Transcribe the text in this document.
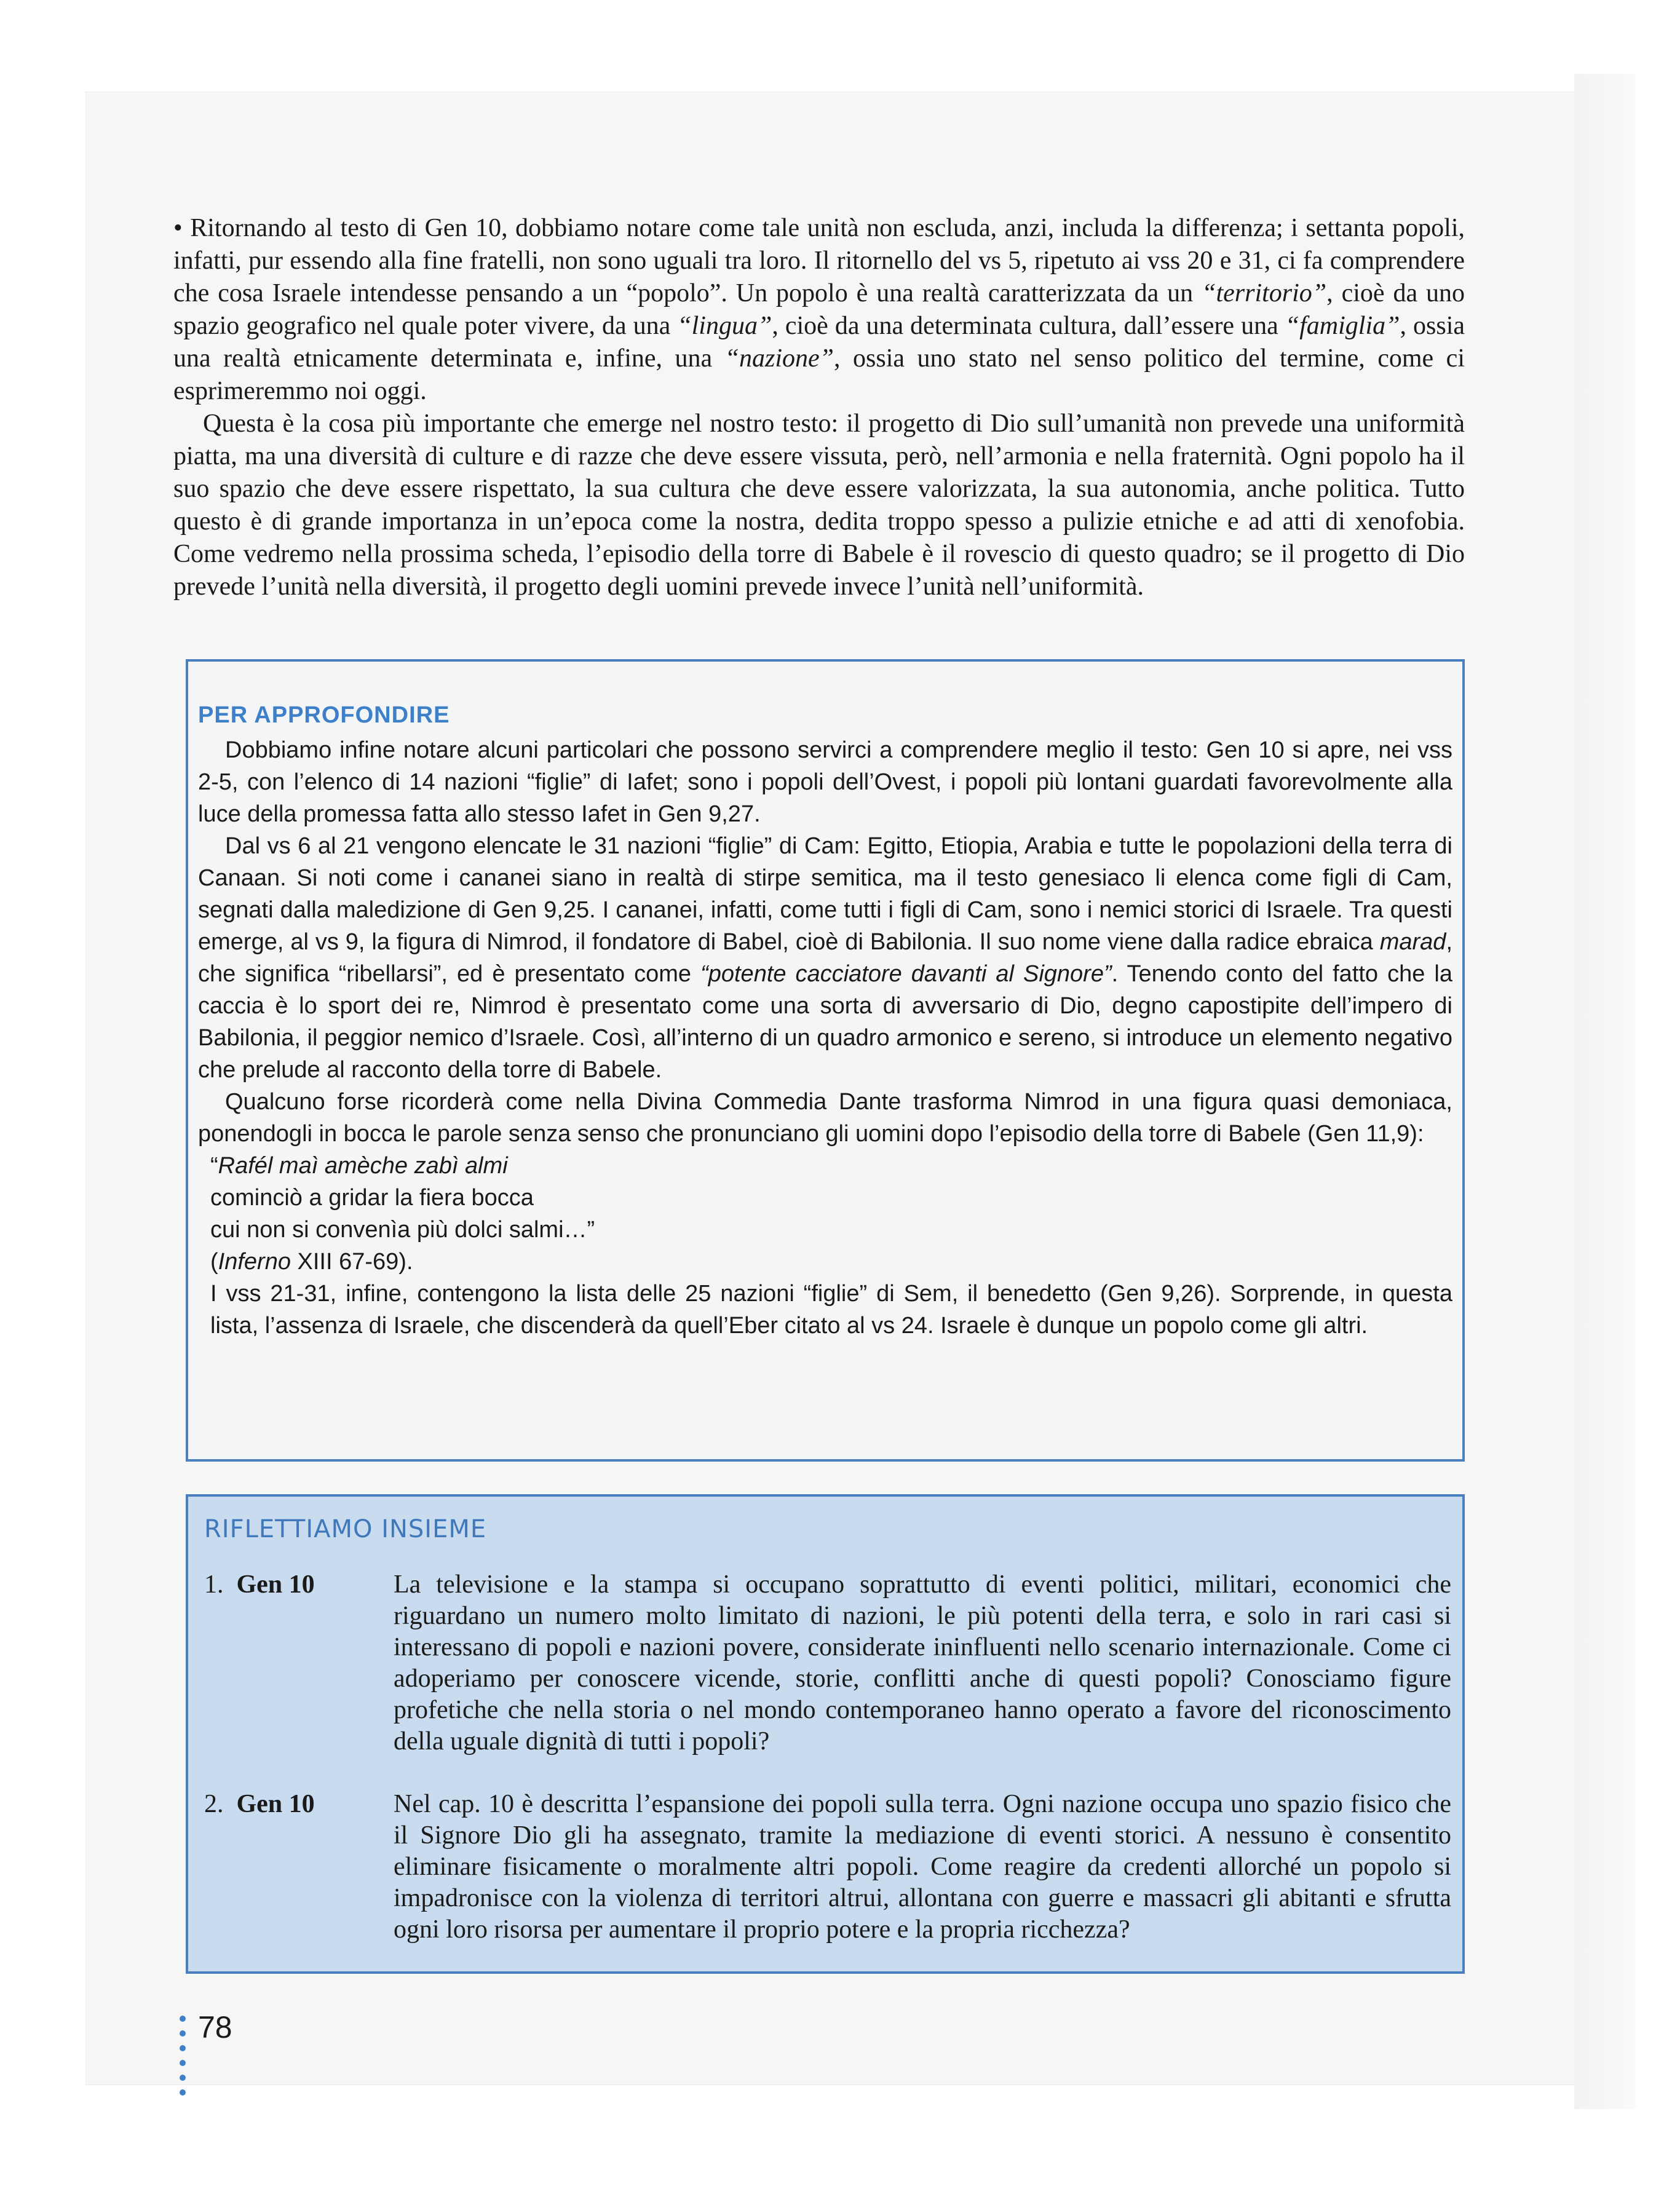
• Ritornando al testo di Gen 10, dobbiamo notare come tale unità non escluda, anzi, includa la differenza; i settanta popoli, infatti, pur essendo alla fine fratelli, non sono uguali tra loro. Il ritornello del vs 5, ripetuto ai vss 20 e 31, ci fa comprendere che cosa Israele intendesse pensando a un “popolo”. Un popolo è una realtà caratterizzata da un “territorio”, cioè da uno spazio geografico nel quale poter vivere, da una “lingua”, cioè da una determinata cultura, dall’essere una “famiglia”, ossia una realtà etnicamente determinata e, infine, una “nazione”, ossia uno stato nel senso politico del termine, come ci esprimeremmo noi oggi.

Questa è la cosa più importante che emerge nel nostro testo: il progetto di Dio sull’umanità non prevede una uniformità piatta, ma una diversità di culture e di razze che deve essere vissuta, però, nell’armonia e nella fraternità. Ogni popolo ha il suo spazio che deve essere rispettato, la sua cultura che deve essere valorizzata, la sua autonomia, anche politica. Tutto questo è di grande importanza in un’epoca come la nostra, dedita troppo spesso a pulizie etniche e ad atti di xenofobia. Come vedremo nella prossima scheda, l’episodio della torre di Babele è il rovescio di questo quadro; se il progetto di Dio prevede l’unità nella diversità, il progetto degli uomini prevede invece l’unità nell’uniformità.

PER APPROFONDIRE

Dobbiamo infine notare alcuni particolari che possono servirci a comprendere meglio il testo: Gen 10 si apre, nei vss 2-5, con l’elenco di 14 nazioni “figlie” di Iafet; sono i popoli dell’Ovest, i popoli più lontani guardati favorevolmente alla luce della promessa fatta allo stesso Iafet in Gen 9,27.

Dal vs 6 al 21 vengono elencate le 31 nazioni “figlie” di Cam: Egitto, Etiopia, Arabia e tutte le popolazioni della terra di Canaan. Si noti come i cananei siano in realtà di stirpe semitica, ma il testo genesiaco li elenca come figli di Cam, segnati dalla maledizione di Gen 9,25. I cananei, infatti, come tutti i figli di Cam, sono i nemici storici di Israele. Tra questi emerge, al vs 9, la figura di Nimrod, il fondatore di Babel, cioè di Babilonia. Il suo nome viene dalla radice ebraica marad, che significa “ribellarsi”, ed è presentato come “potente cacciatore davanti al Signore”. Tenendo conto del fatto che la caccia è lo sport dei re, Nimrod è presentato come una sorta di avversario di Dio, degno capostipite dell’impero di Babilonia, il peggior nemico d’Israele. Così, all’interno di un quadro armonico e sereno, si introduce un elemento negativo che prelude al racconto della torre di Babele.

Qualcuno forse ricorderà come nella Divina Commedia Dante trasforma Nimrod in una figura quasi demoniaca, ponendogli in bocca le parole senza senso che pronunciano gli uomini dopo l’episodio della torre di Babele (Gen 11,9):

“Rafél maì amèche zabì almi
cominciò a gridar la fiera bocca
cui non si convenìa più dolci salmi…”
(Inferno XIII 67-69).

I vss 21-31, infine, contengono la lista delle 25 nazioni “figlie” di Sem, il benedetto (Gen 9,26). Sorprende, in questa lista, l’assenza di Israele, che discenderà da quell’Eber citato al vs 24. Israele è dunque un popolo come gli altri.

RIFLETTIAMO INSIEME
1. Gen 10	La televisione e la stampa si occupano soprattutto di eventi politici, militari, economici che riguardano un numero molto limitato di nazioni, le più potenti della terra, e solo in rari casi si interessano di popoli e nazioni povere, considerate ininfluenti nello scenario internazionale. Come ci adoperiamo per conoscere vicende, storie, conflitti anche di questi popoli? Conosciamo figure profetiche che nella storia o nel mondo contemporaneo hanno operato a favore del riconoscimento della uguale dignità di tutti i popoli?
2. Gen 10	Nel cap. 10 è descritta l’espansione dei popoli sulla terra. Ogni nazione occupa uno spazio fisico che il Signore Dio gli ha assegnato, tramite la mediazione di eventi storici. A nessuno è consentito eliminare fisicamente o moralmente altri popoli. Come reagire da credenti allorché un popolo si impadronisce con la violenza di territori altrui, allontana con guerre e massacri gli abitanti e sfrutta ogni loro risorsa per aumentare il proprio potere e la propria ricchezza?
78
